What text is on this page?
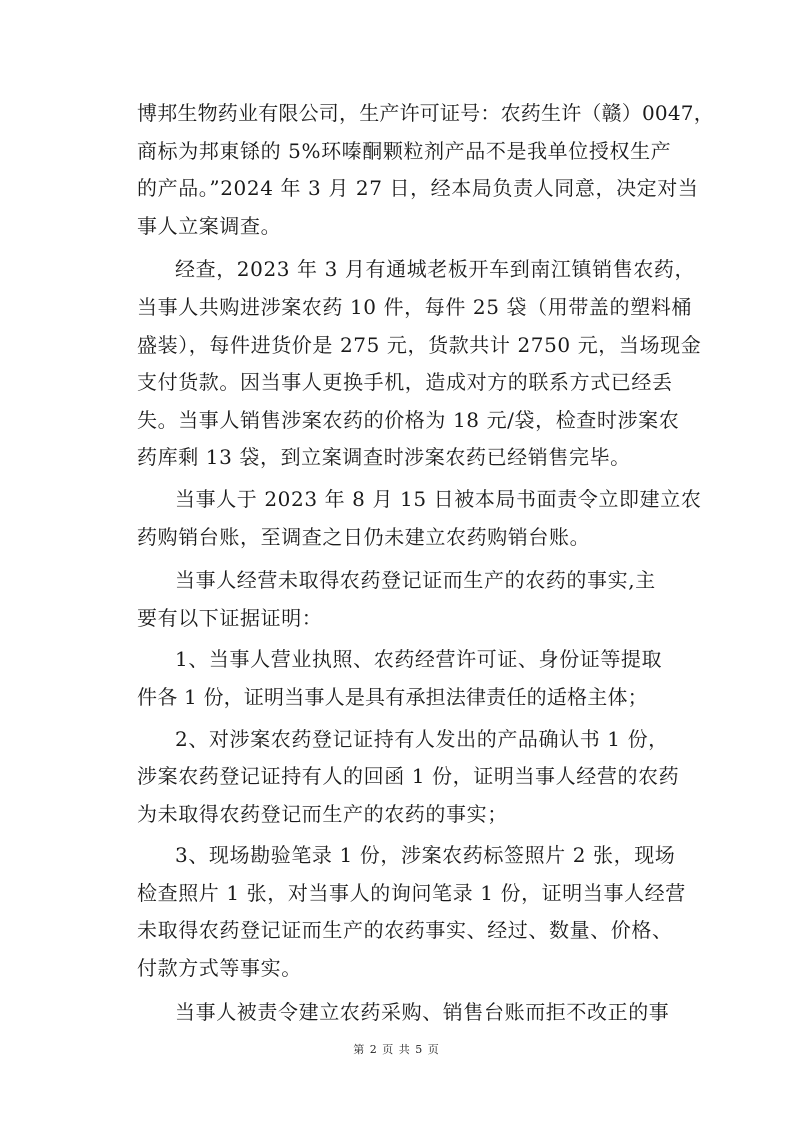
博邦生物药业有限公司，生产许可证号：农药生许（赣）0047，
商标为邦東铩的 5%环嗪酮颗粒剂产品不是我单位授权生产
的产品。”2024 年 3 月 27 日，经本局负责人同意，决定对当
事人立案调查。
经查，2023 年 3 月有通城老板开车到南江镇销售农药，
当事人共购进涉案农药 10 件，每件 25 袋（用带盖的塑料桶
盛装），每件进货价是 275 元，货款共计 2750 元，当场现金
支付货款。因当事人更换手机，造成对方的联系方式已经丢
失。当事人销售涉案农药的价格为 18 元/袋，检查时涉案农
药库剩 13 袋，到立案调查时涉案农药已经销售完毕。
当事人于 2023 年 8 月 15 日被本局书面责令立即建立农
药购销台账，至调查之日仍未建立农药购销台账。
当事人经营未取得农药登记证而生产的农药的事实,主
要有以下证据证明：
1、当事人营业执照、农药经营许可证、身份证等提取
件各 1 份，证明当事人是具有承担法律责任的适格主体；
2、对涉案农药登记证持有人发出的产品确认书 1 份，
涉案农药登记证持有人的回函 1 份，证明当事人经营的农药
为未取得农药登记而生产的农药的事实；
3、现场勘验笔录 1 份，涉案农药标签照片 2 张，现场
检查照片 1 张，对当事人的询问笔录 1 份，证明当事人经营
未取得农药登记证而生产的农药事实、经过、数量、价格、
付款方式等事实。
当事人被责令建立农药采购、销售台账而拒不改正的事
第 2 页 共 5 页
